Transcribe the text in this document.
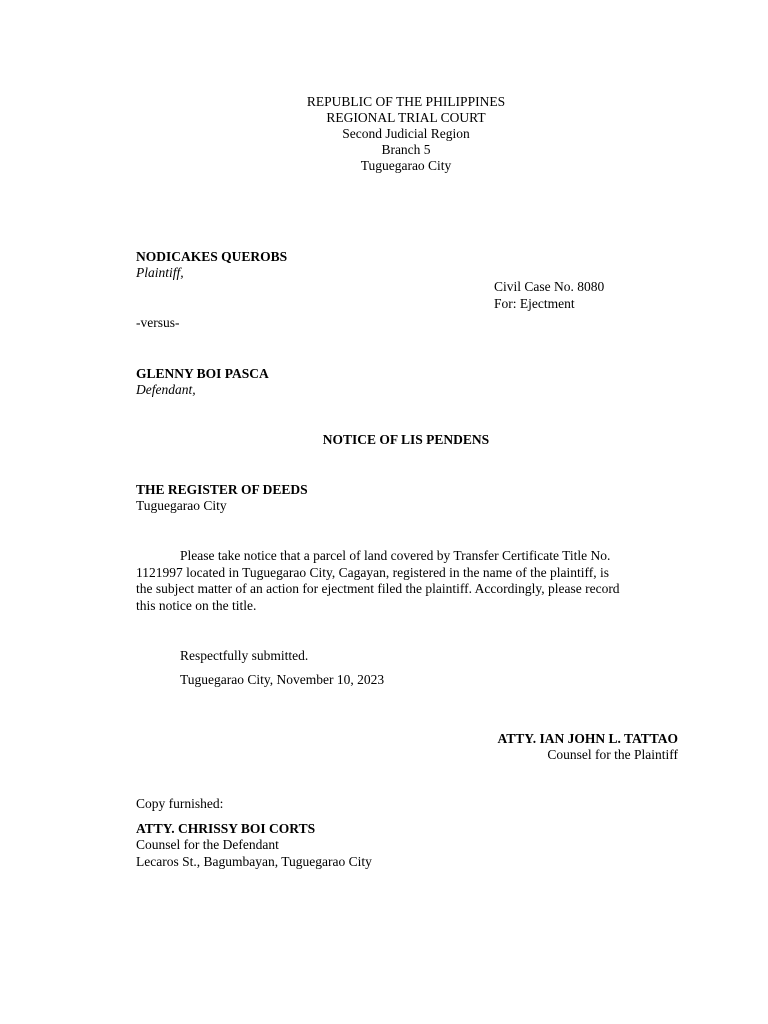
REPUBLIC OF THE PHILIPPINES
REGIONAL TRIAL COURT
Second Judicial Region
Branch 5
Tuguegarao City
NODICAKES QUEROBS
Plaintiff,
Civil Case No. 8080
For: Ejectment
-versus-
GLENNY BOI PASCA
Defendant,
NOTICE OF LIS PENDENS
THE REGISTER OF DEEDS
Tuguegarao City
Please take notice that a parcel of land covered by Transfer Certificate Title No.
1121997 located in Tuguegarao City, Cagayan, registered in the name of the plaintiff, is
the subject matter of an action for ejectment filed the plaintiff. Accordingly, please record
this notice on the title.
Respectfully submitted.
Tuguegarao City, November 10, 2023
ATTY. IAN JOHN L. TATTAO
Counsel for the Plaintiff
Copy furnished:
ATTY. CHRISSY BOI CORTS
Counsel for the Defendant
Lecaros St., Bagumbayan, Tuguegarao City
